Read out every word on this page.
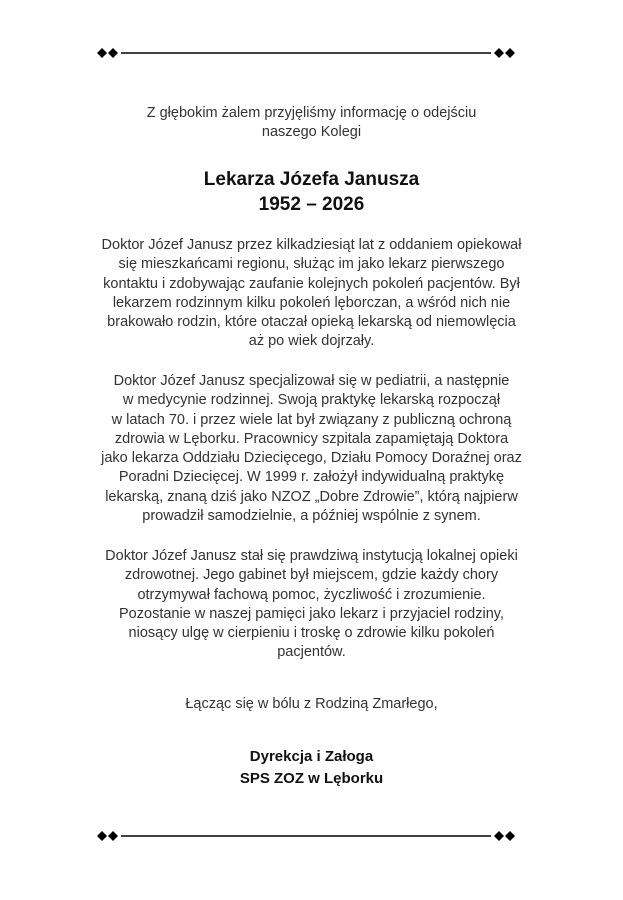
Z głębokim żalem przyjęliśmy informację o odejściu
naszego Kolegi
Lekarza Józefa Janusza
1952 – 2026
Doktor Józef Janusz przez kilkadziesiąt lat z oddaniem opiekował
się mieszkańcami regionu, służąc im jako lekarz pierwszego
kontaktu i zdobywając zaufanie kolejnych pokoleń pacjentów. Był
lekarzem rodzinnym kilku pokoleń lęborczan, a wśród nich nie
brakowało rodzin, które otaczał opieką lekarską od niemowlęcia
aż po wiek dojrzały.
Doktor Józef Janusz specjalizował się w pediatrii, a następnie
w medycynie rodzinnej. Swoją praktykę lekarską rozpoczął
w latach 70. i przez wiele lat był związany z publiczną ochroną
zdrowia w Lęborku. Pracownicy szpitala zapamiętają Doktora
jako lekarza Oddziału Dziecięcego, Działu Pomocy Doraźnej oraz
Poradni Dziecięcej. W 1999 r. założył indywidualną praktykę
lekarską, znaną dziś jako NZOZ „Dobre Zdrowie”, którą najpierw
prowadził samodzielnie, a później wspólnie z synem.
Doktor Józef Janusz stał się prawdziwą instytucją lokalnej opieki
zdrowotnej. Jego gabinet był miejscem, gdzie każdy chory
otrzymywał fachową pomoc, życzliwość i zrozumienie.
Pozostanie w naszej pamięci jako lekarz i przyjaciel rodziny,
niosący ulgę w cierpieniu i troskę o zdrowie kilku pokoleń
pacjentów.
Łącząc się w bólu z Rodziną Zmarłego,
Dyrekcja i Załoga
SPS ZOZ w Lęborku
